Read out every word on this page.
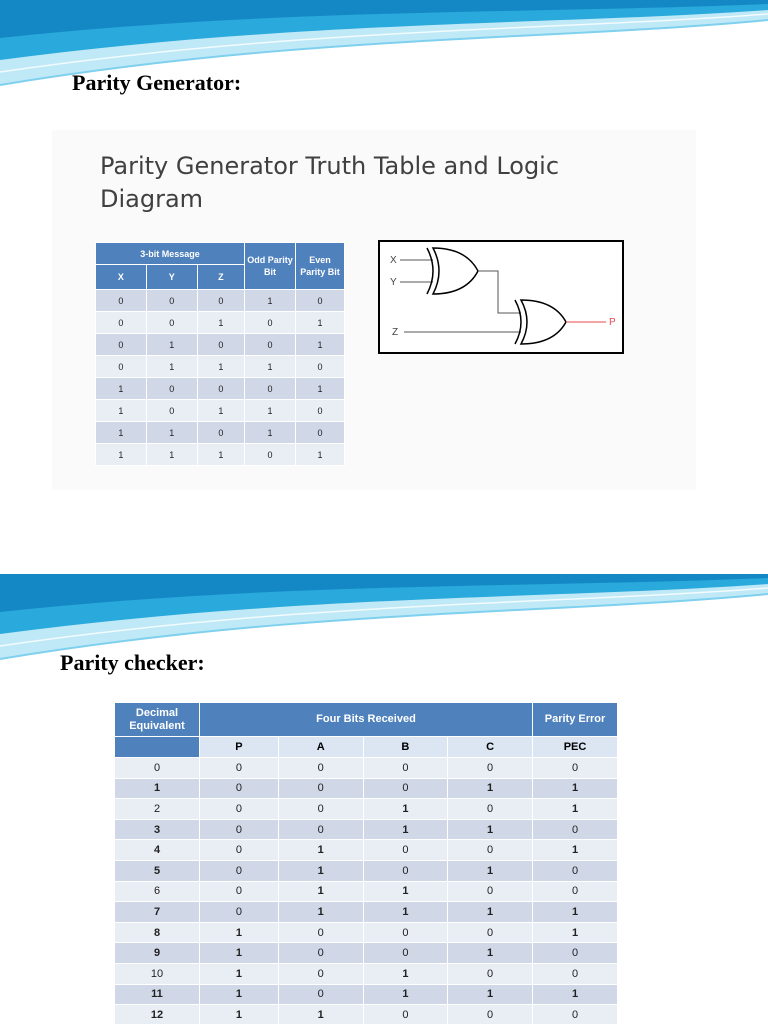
Parity Generator:
Parity Generator Truth Table and Logic Diagram
3-bit Message			Odd Parity Bit	Even Parity Bit
X	Y	Z		
0	0	0	1	0
0	0	1	0	1
0	1	0	0	1
0	1	1	1	0
1	0	0	0	1
1	0	1	1	0
1	1	0	1	0
1	1	1	0	1
X
Y
Z
P
Parity checker:
Decimal Equivalent	Four Bits Received				Parity Error
	P	A	B	C	PEC
0	0	0	0	0	0
1	0	0	0	1	1
2	0	0	1	0	1
3	0	0	1	1	0
4	0	1	0	0	1
5	0	1	0	1	0
6	0	1	1	0	0
7	0	1	1	1	1
8	1	0	0	0	1
9	1	0	0	1	0
10	1	0	1	0	0
11	1	0	1	1	1
12	1	1	0	0	0
